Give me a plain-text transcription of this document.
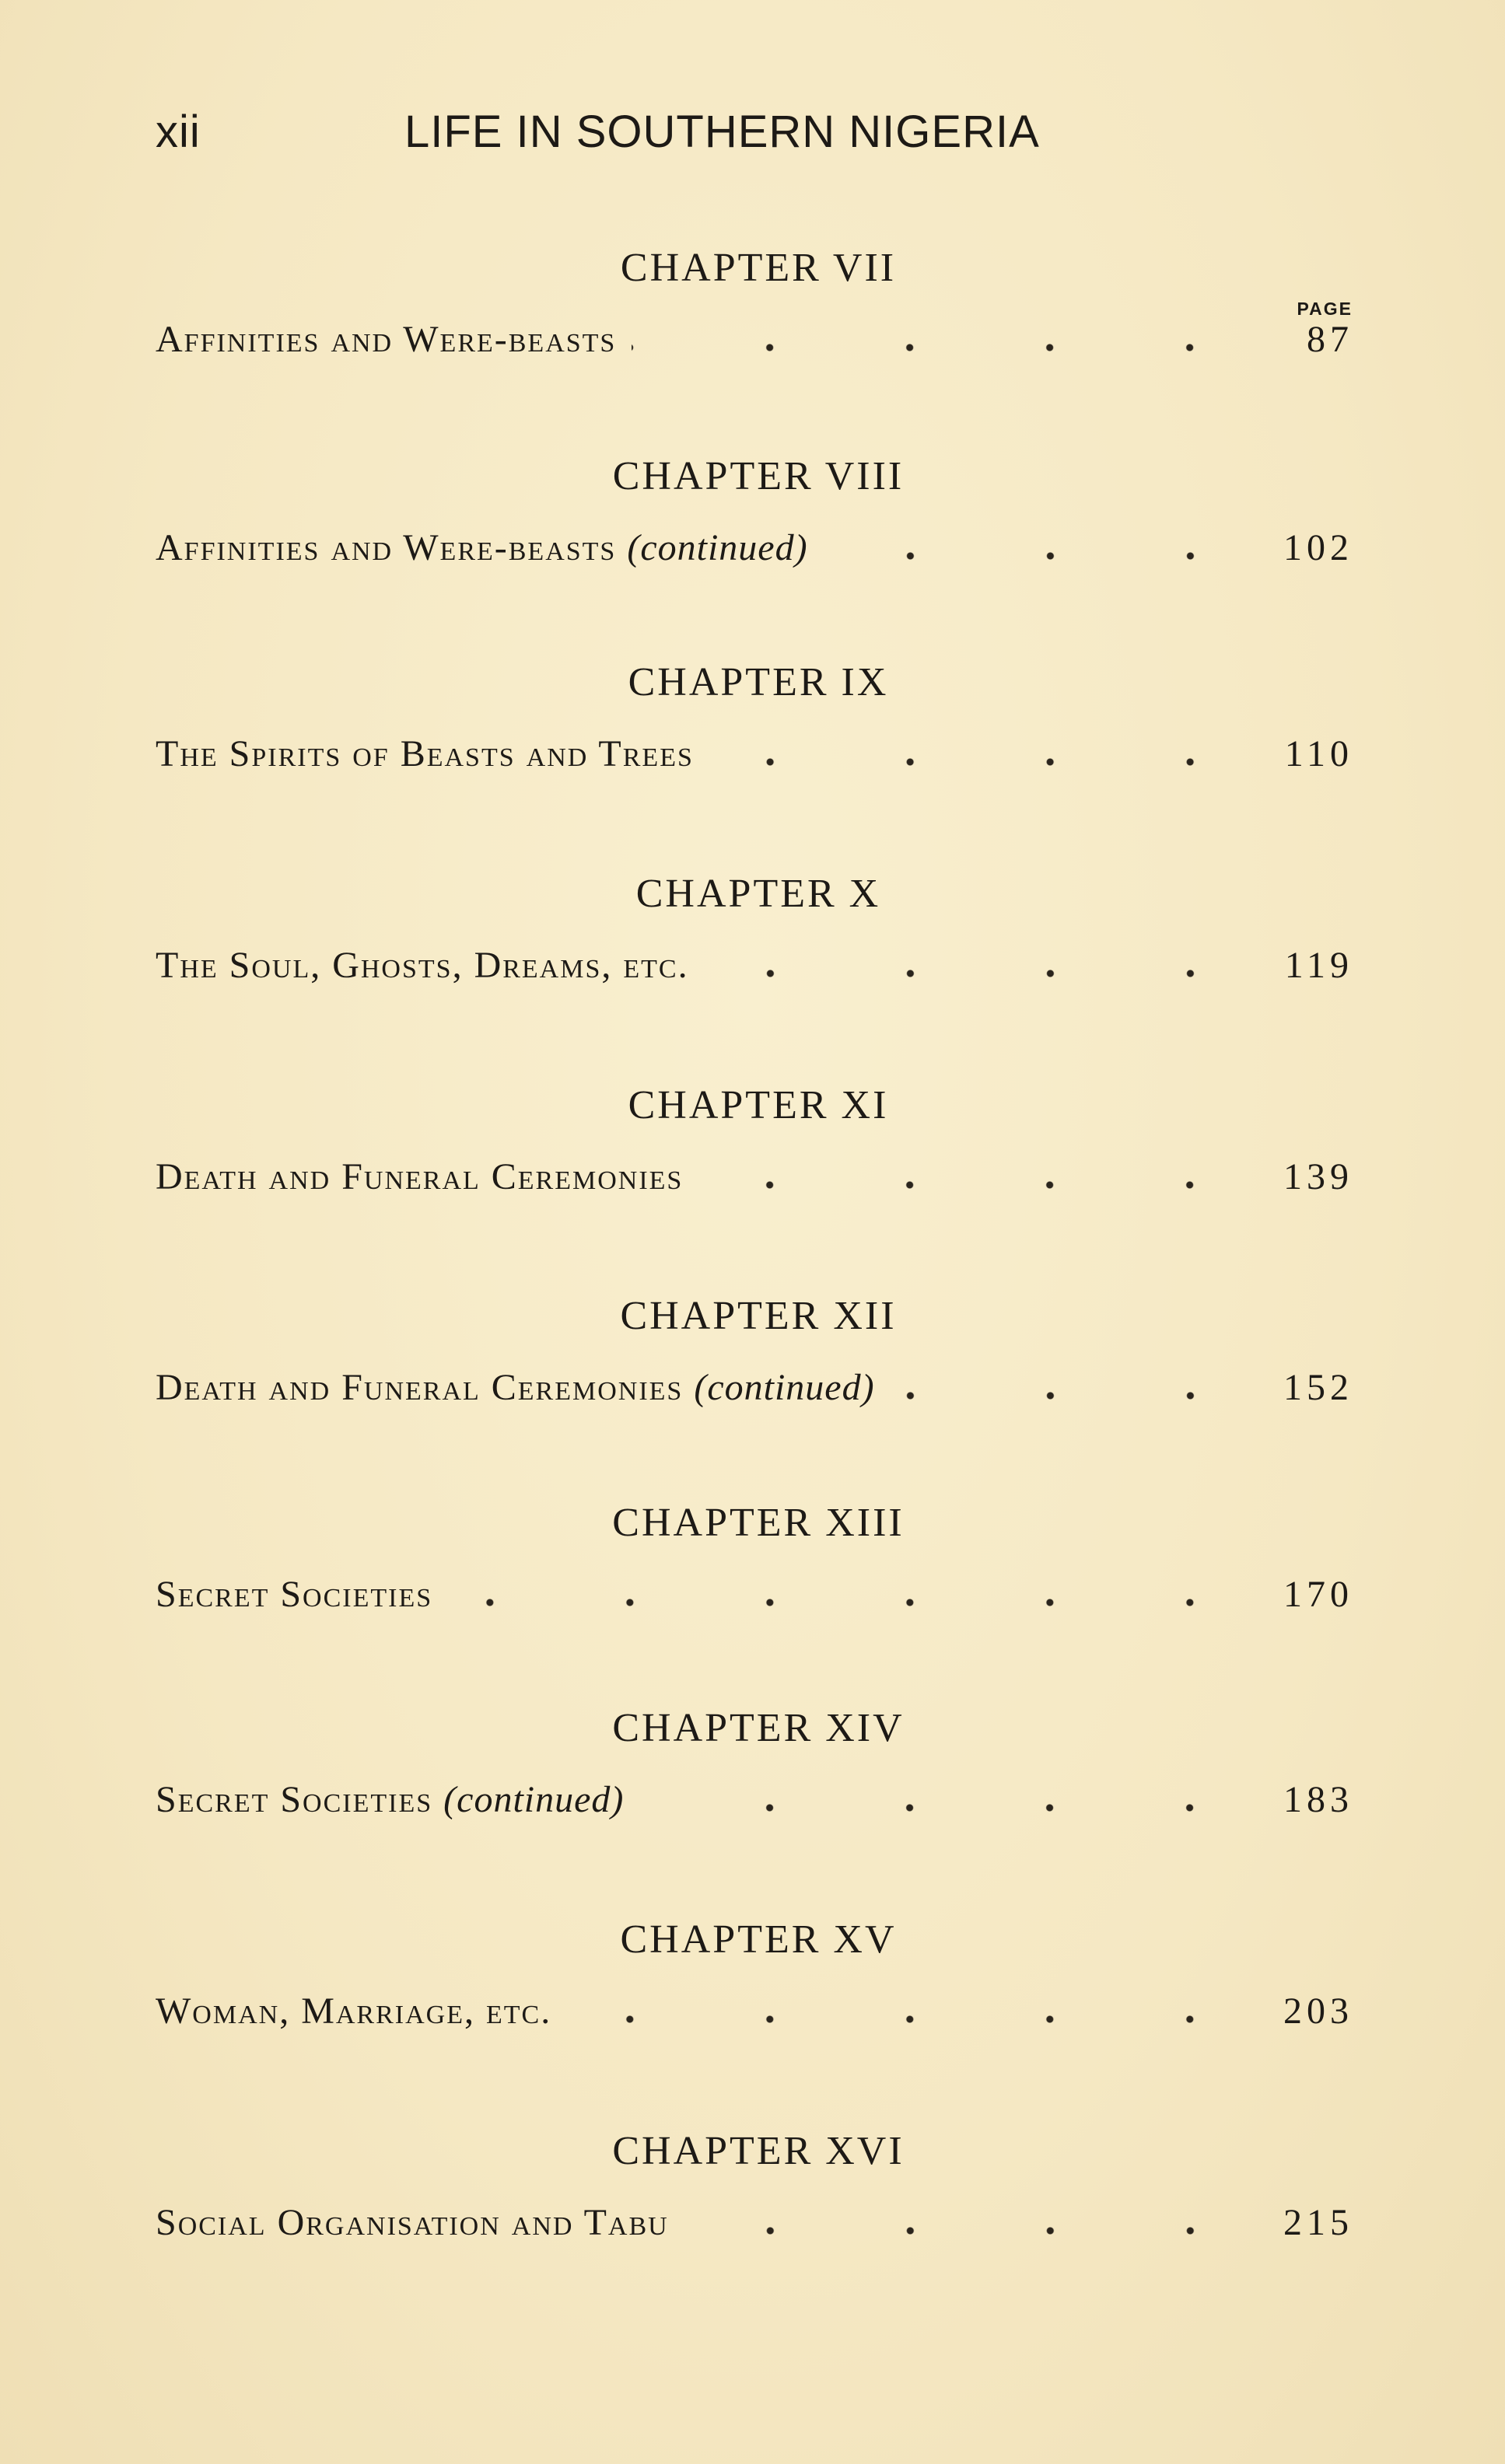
xii	LIFE IN SOUTHERN NIGERIA
PAGE
CHAPTER VII
Affinities and Were-beasts	87
CHAPTER VIII
Affinities and Were-beasts (continued)	102
CHAPTER IX
The Spirits of Beasts and Trees	110
CHAPTER X
The Soul, Ghosts, Dreams, etc.	119
CHAPTER XI
Death and Funeral Ceremonies	139
CHAPTER XII
Death and Funeral Ceremonies (continued)	152
CHAPTER XIII
Secret Societies	170
CHAPTER XIV
Secret Societies (continued)	183
CHAPTER XV
Woman, Marriage, etc.	203
CHAPTER XVI
Social Organisation and Tabu	215
